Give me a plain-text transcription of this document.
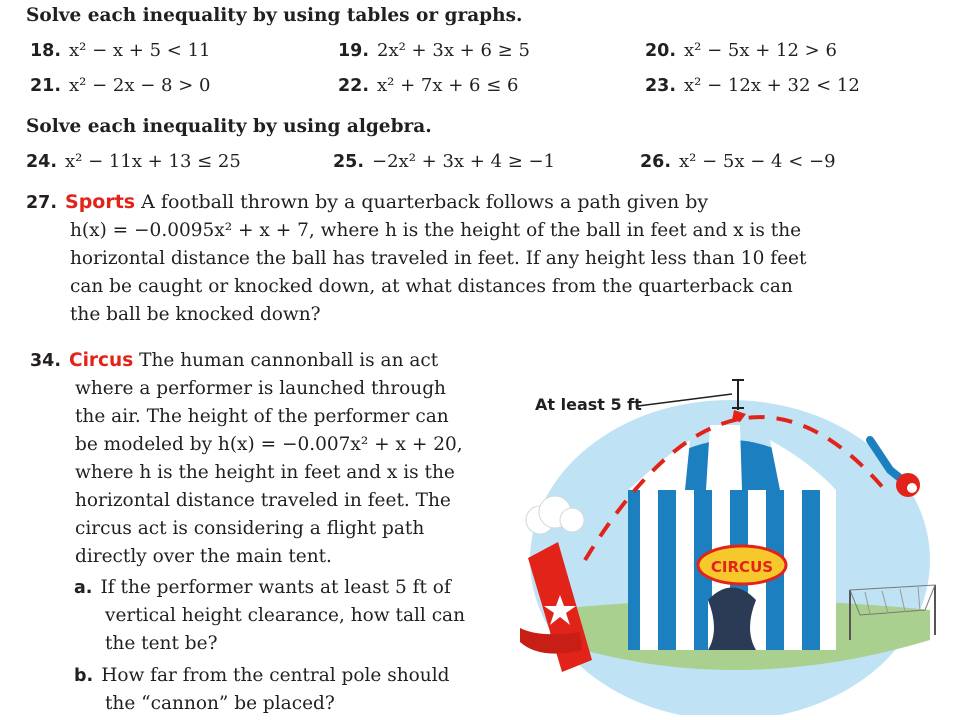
Solve each inequality by using tables or graphs.
18. x² − x + 5 < 11	19. 2x² + 3x + 6 ≥ 5	20. x² − 5x + 12 > 6
21. x² − 2x − 8 > 0	22. x² + 7x + 6 ≤ 6	23. x² − 12x + 32 < 12
Solve each inequality by using algebra.
24. x² − 11x + 13 ≤ 25	25. −2x² + 3x + 4 ≥ −1	26. x² − 5x − 4 < −9
27. Sports A football thrown by a quarterback follows a path given by
h(x) = −0.0095x² + x + 7, where h is the height of the ball in feet and x is the
horizontal distance the ball has traveled in feet. If any height less than 10 feet
can be caught or knocked down, at what distances from the quarterback can
the ball be knocked down?
34. Circus The human cannonball is an act
where a performer is launched through
the air. The height of the performer can
be modeled by h(x) = −0.007x² + x + 20,
where h is the height in feet and x is the
horizontal distance traveled in feet. The
circus act is considering a flight path
directly over the main tent.
a. If the performer wants at least 5 ft of
vertical height clearance, how tall can
the tent be?
b. How far from the central pole should
the “cannon” be placed?
CIRCUS
At least 5 ft
